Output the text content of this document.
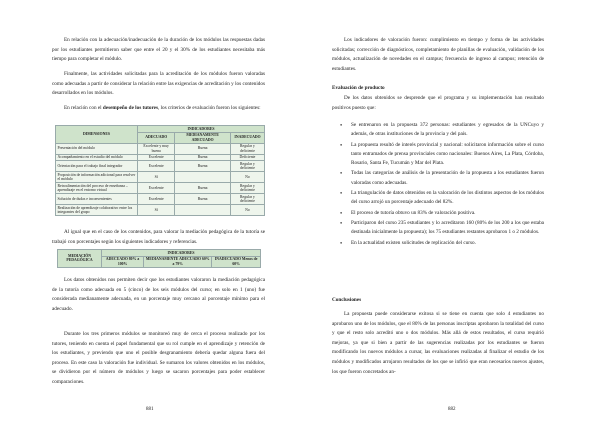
En relación con la adecuación/inadecuación de la duración de los módulos las respuestas dadas por los estudiantes permitieron saber que entre el 20 y el 30% de los estudiantes necesitaba más tiempo para completar el módulo.

Finalmente, las actividades solicitadas para la acreditación de los módulos fueron valoradas como adecuadas a partir de considerar la relación entre las exigencias de acreditación y los contenidos desarrollados en los módulos.

En relación con el desempeño de los tutores, los criterios de evaluación fueron los siguientes:

DIMENSIONES	INDICADORES		
	ADECUADO	MEDIANAMENTE ADECUADO	INADECUADO
Presentación del módulo	Excelente y muy buena	Buena	Regular y deficiente
Acompañamiento en el estudio del módulo	Excelente	Buena	Deficiente
Orientación para el trabajo final integrador	Excelente	Buena	Regular y deficiente
Proposición de información adicional para resolver el módulo	Sí		No
Retroalimentación del proceso de enseñanza – aprendizaje en el entorno virtual	Excelente	Buena	Regular y deficiente
Solución de dudas e inconvenientes	Excelente	Buena	Regular y deficiente
Realización de aprendizaje colaborativo entre los integrantes del grupo	Sí		No

Al igual que en el caso de los contenidos, para valorar la mediación pedagógica de la tutoría se trabajó con porcentajes según los siguientes indicadores y referencias.

MEDIACIÓN PEDAGÓGICA	INDICADORES		
	ADECUADO 80% a 100%	MEDIANAMENTE ADECUADO 60% a 79%	INADECUADO Menos de 60%

Los datos obtenidos nos permiten decir que los estudiantes valoraron la mediación pedagógica de la tutoría como adecuada en 5 (cinco) de los seis módulos del curso; en solo en 1 (uno) fue considerada medianamente adecuada, en un porcentaje muy cercano al porcentaje mínimo para el adecuado.

Durante los tres primeros módulos se monitoreó muy de cerca el proceso realizado por los tutores, teniendo en cuenta el papel fundamental que su rol cumple en el aprendizaje y retención de los estudiantes, y previendo que uno el posible desgranamiento debería quedar alguna fuera del proceso. En este caso la valoración fue individual. Se sumaron los valores obtenidos en los módulos, se dividieron por el número de módulos y luego se sacaron porcentajes para poder establecer comparaciones.

881

Los indicadores de valoración fueron: cumplimiento en tiempo y forma de las actividades solicitadas; corrección de diagnósticos, completamiento de planillas de evaluación, validación de los módulos, actualización de novedades en el campus; frecuencia de ingreso al campus; retención de estudiantes.

Evaluación de producto

De los datos obtenidos se desprende que el programa y su implementación han resultado positivos puesto que:

● Se entrenaron en la propuesta 372 personas: estudiantes y egresados de la UNCuyo y además, de otras instituciones de la provincia y del país.
● La propuesta resultó de interés provincial y nacional: solicitaron información sobre el curso tanto entramados de prensa provinciales como nacionales: Buenos Aires, La Plata, Córdoba, Rosario, Santa Fe, Tucumán y Mar del Plata.
● Todas las categorías de análisis de la presentación de la propuesta a los estudiantes fueron valoradas como adecuadas.
● La triangulación de datos obtenidos en la valoración de los distintos aspectos de los módulos del curso arrojó un porcentaje adecuado del 82%.
● El proceso de tutoría obtuvo un 83% de valoración positiva.
● Participaron del curso 235 estudiantes y lo acreditaron 160 (80% de los 200 a los que estaba destinada inicialmente la propuesta); los 75 estudiantes restantes aprobaron 1 o 2 módulos.
● En la actualidad existen solicitudes de replicación del curso.

Conclusiones

La propuesta puede considerarse exitosa si se tiene en cuenta que solo 4 estudiantes no aprobaron uno de los módulos, que el 80% de las personas inscriptas aprobaron la totalidad del curso y que el resto solo acreditó uno o dos módulos. Más allá de estos resultados, el curso requirió mejoras, ya que si bien a partir de las sugerencias realizadas por los estudiantes se fueron modificando los nuevos módulos a cursar, las evaluaciones realizadas al finalizar el estudio de los módulos y modificados arrojaron resultados de los que se infirió que eran necesarios nuevos ajustes, los que fueron concretados an-

882
